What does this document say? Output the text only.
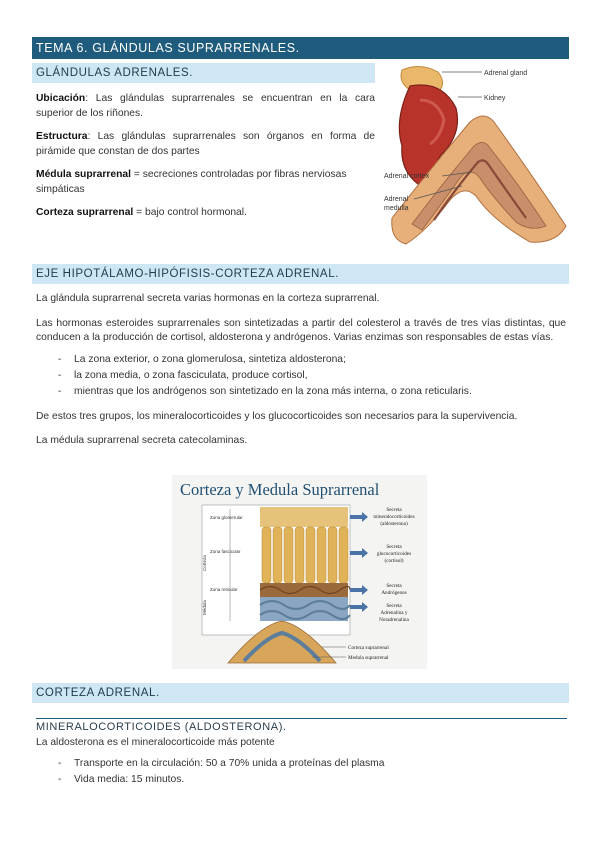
TEMA 6. GLÁNDULAS SUPRARRENALES.
GLÁNDULAS ADRENALES.

Ubicación: Las glándulas suprarrenales se encuentran en la cara superior de los riñones.

Estructura: Las glándulas suprarrenales son órganos en forma de pirámide que constan de dos partes

Médula suprarrenal = secreciones controladas por fibras nerviosas simpáticas

Corteza suprarrenal = bajo control hormonal.

Adrenal gland
Kidney
Adrenal cortex
Adrenal
medulla
EJE HIPOTÁLAMO-HIPÓFISIS-CORTEZA ADRENAL.

La glándula suprarrenal secreta varias hormonas en la corteza suprarrenal.

Las hormonas esteroides suprarrenales son sintetizadas a partir del colesterol a través de tres vías distintas, que conducen a la producción de cortisol, aldosterona y andrógenos. Varias enzimas son responsables de estas vías.

- La zona exterior, o zona glomerulosa, sintetiza aldosterona;
- la zona media, o zona fasciculata, produce cortisol,
- mientras que los andrógenos son sintetizado en la zona más interna, o zona reticularis.

De estos tres grupos, los mineralocorticoides y los glucocorticoides son necesarios para la supervivencia.

La médula suprarrenal secreta catecolaminas.

Corteza y Medula Suprarrenal
Zona glomerular
Zona fascicular
Zona reticular
Corteza
Médula
Secreta
mineralocorticoides
(aldosterona)
Secreta
glucocorticoides
(cortisol)
Secreta
Andrógenos
Secreta
Adrenalina y
Noradrenalina
Corteza suprarrenal
Medula suprarrenal
CORTEZA ADRENAL.
MINERALOCORTICOIDES (ALDOSTERONA).

La aldosterona es el mineralocorticoide más potente

- Transporte en la circulación: 50 a 70% unida a proteínas del plasma
- Vida media: 15 minutos.
